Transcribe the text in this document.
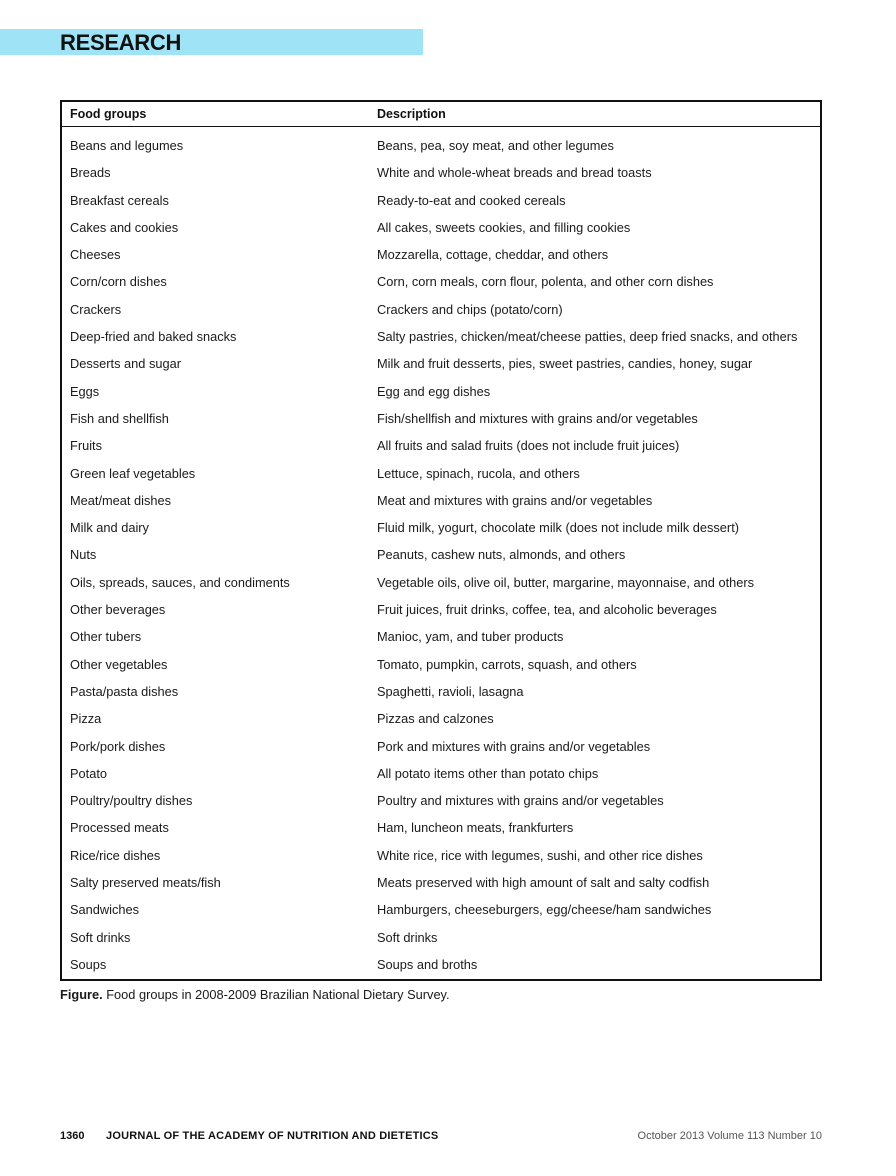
RESEARCH
Food groups	Description
Beans and legumes	Beans, pea, soy meat, and other legumes
Breads	White and whole-wheat breads and bread toasts
Breakfast cereals	Ready-to-eat and cooked cereals
Cakes and cookies	All cakes, sweets cookies, and filling cookies
Cheeses	Mozzarella, cottage, cheddar, and others
Corn/corn dishes	Corn, corn meals, corn flour, polenta, and other corn dishes
Crackers	Crackers and chips (potato/corn)
Deep-fried and baked snacks	Salty pastries, chicken/meat/cheese patties, deep fried snacks, and others
Desserts and sugar	Milk and fruit desserts, pies, sweet pastries, candies, honey, sugar
Eggs	Egg and egg dishes
Fish and shellfish	Fish/shellfish and mixtures with grains and/or vegetables
Fruits	All fruits and salad fruits (does not include fruit juices)
Green leaf vegetables	Lettuce, spinach, rucola, and others
Meat/meat dishes	Meat and mixtures with grains and/or vegetables
Milk and dairy	Fluid milk, yogurt, chocolate milk (does not include milk dessert)
Nuts	Peanuts, cashew nuts, almonds, and others
Oils, spreads, sauces, and condiments	Vegetable oils, olive oil, butter, margarine, mayonnaise, and others
Other beverages	Fruit juices, fruit drinks, coffee, tea, and alcoholic beverages
Other tubers	Manioc, yam, and tuber products
Other vegetables	Tomato, pumpkin, carrots, squash, and others
Pasta/pasta dishes	Spaghetti, ravioli, lasagna
Pizza	Pizzas and calzones
Pork/pork dishes	Pork and mixtures with grains and/or vegetables
Potato	All potato items other than potato chips
Poultry/poultry dishes	Poultry and mixtures with grains and/or vegetables
Processed meats	Ham, luncheon meats, frankfurters
Rice/rice dishes	White rice, rice with legumes, sushi, and other rice dishes
Salty preserved meats/fish	Meats preserved with high amount of salt and salty codfish
Sandwiches	Hamburgers, cheeseburgers, egg/cheese/ham sandwiches
Soft drinks	Soft drinks
Soups	Soups and broths
Figure. Food groups in 2008-2009 Brazilian National Dietary Survey.
1360 JOURNAL OF THE ACADEMY OF NUTRITION AND DIETETICS	October 2013 Volume 113 Number 10
